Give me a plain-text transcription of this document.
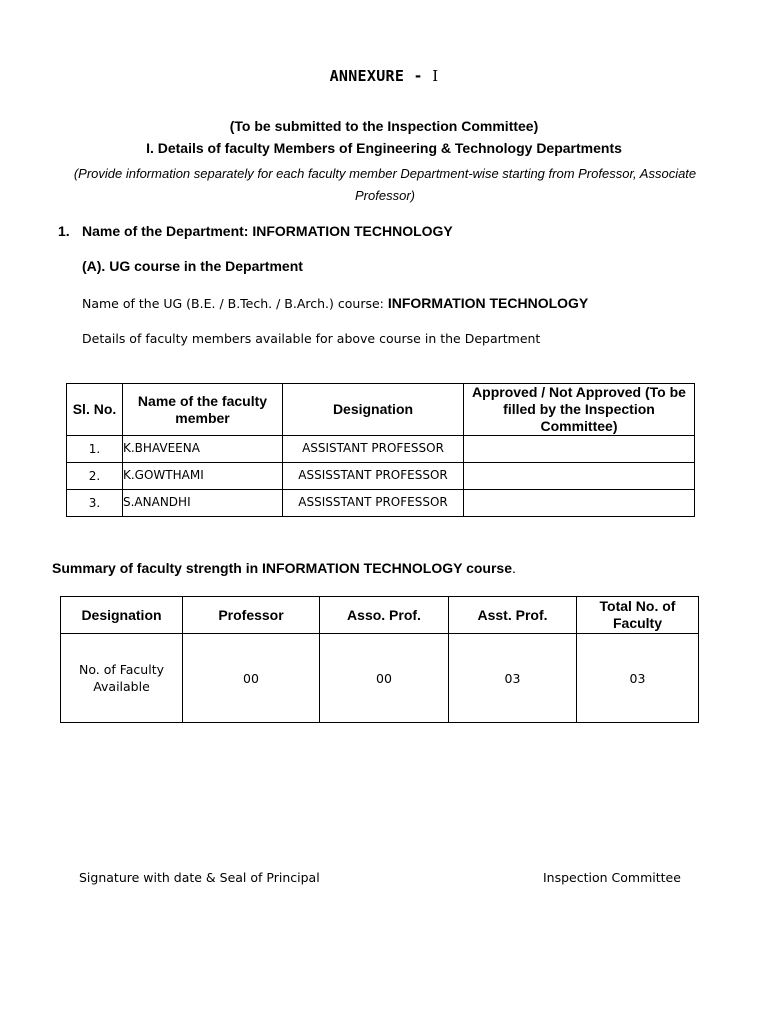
ANNEXURE - I
(To be submitted to the Inspection Committee)
I. Details of faculty Members of Engineering & Technology Departments
(Provide information separately for each faculty member Department-wise starting from Professor, Associate Professor)
1. Name of the Department: INFORMATION TECHNOLOGY
(A). UG course in the Department
Name of the UG (B.E. / B.Tech. / B.Arch.) course: INFORMATION TECHNOLOGY
Details of faculty members available for above course in the Department
Sl. No.	Name of the faculty member	Designation	Approved / Not Approved (To be filled by the Inspection Committee)
1.	K.BHAVEENA	ASSISTANT PROFESSOR	
2.	K.GOWTHAMI	ASSISSTANT PROFESSOR	
3.	S.ANANDHI	ASSISSTANT PROFESSOR	
Summary of faculty strength in INFORMATION TECHNOLOGY course.
Designation	Professor	Asso. Prof.	Asst. Prof.	Total No. of Faculty
No. of Faculty Available	00	00	03	03
Signature with date & Seal of Principal	Inspection Committee
